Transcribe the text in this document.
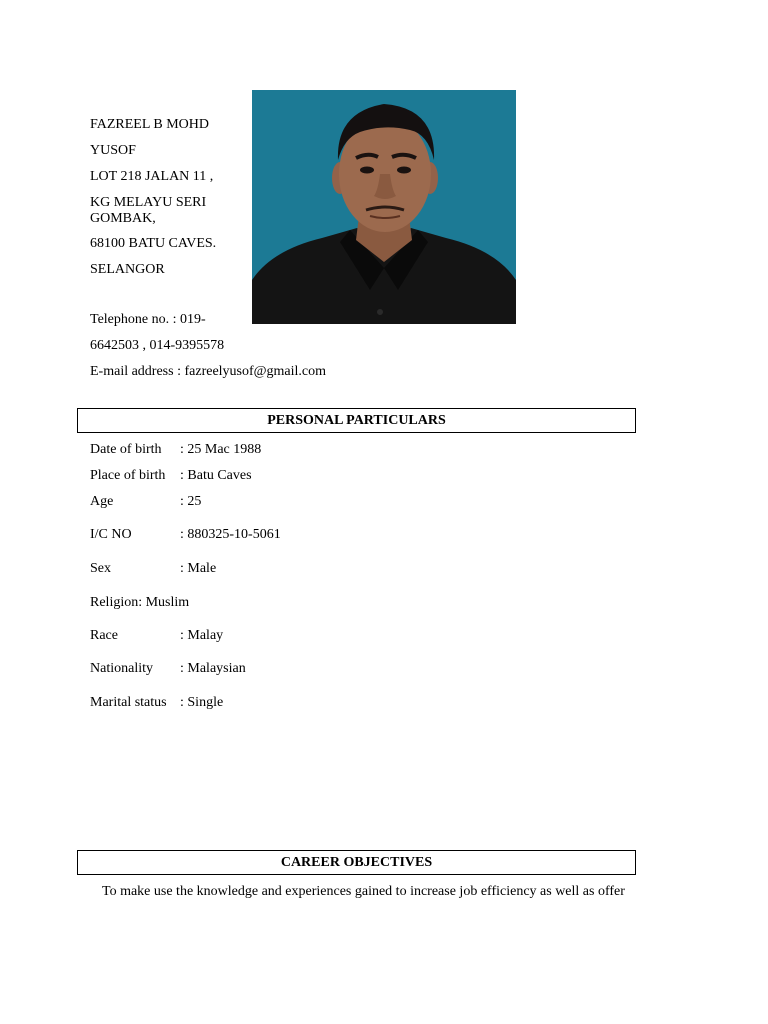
FAZREEL B MOHD
YUSOF
LOT 218 JALAN 11 ,
KG MELAYU SERI
GOMBAK,
68100 BATU CAVES.
SELANGOR
Telephone no. : 019-
6642503 , 014-9395578
E-mail address : fazreelyusof@gmail.com
PERSONAL PARTICULARS
Date of birth : 25 Mac 1988
Place of birth : Batu Caves
Age	: 25
I/C NO	: 880325-10-5061
Sex	: Male
Religion: Muslim
Race	: Malay
Nationality : Malaysian
Marital status : Single
CAREER OBJECTIVES
To make use the knowledge and experiences gained to increase job efficiency as well as offer
